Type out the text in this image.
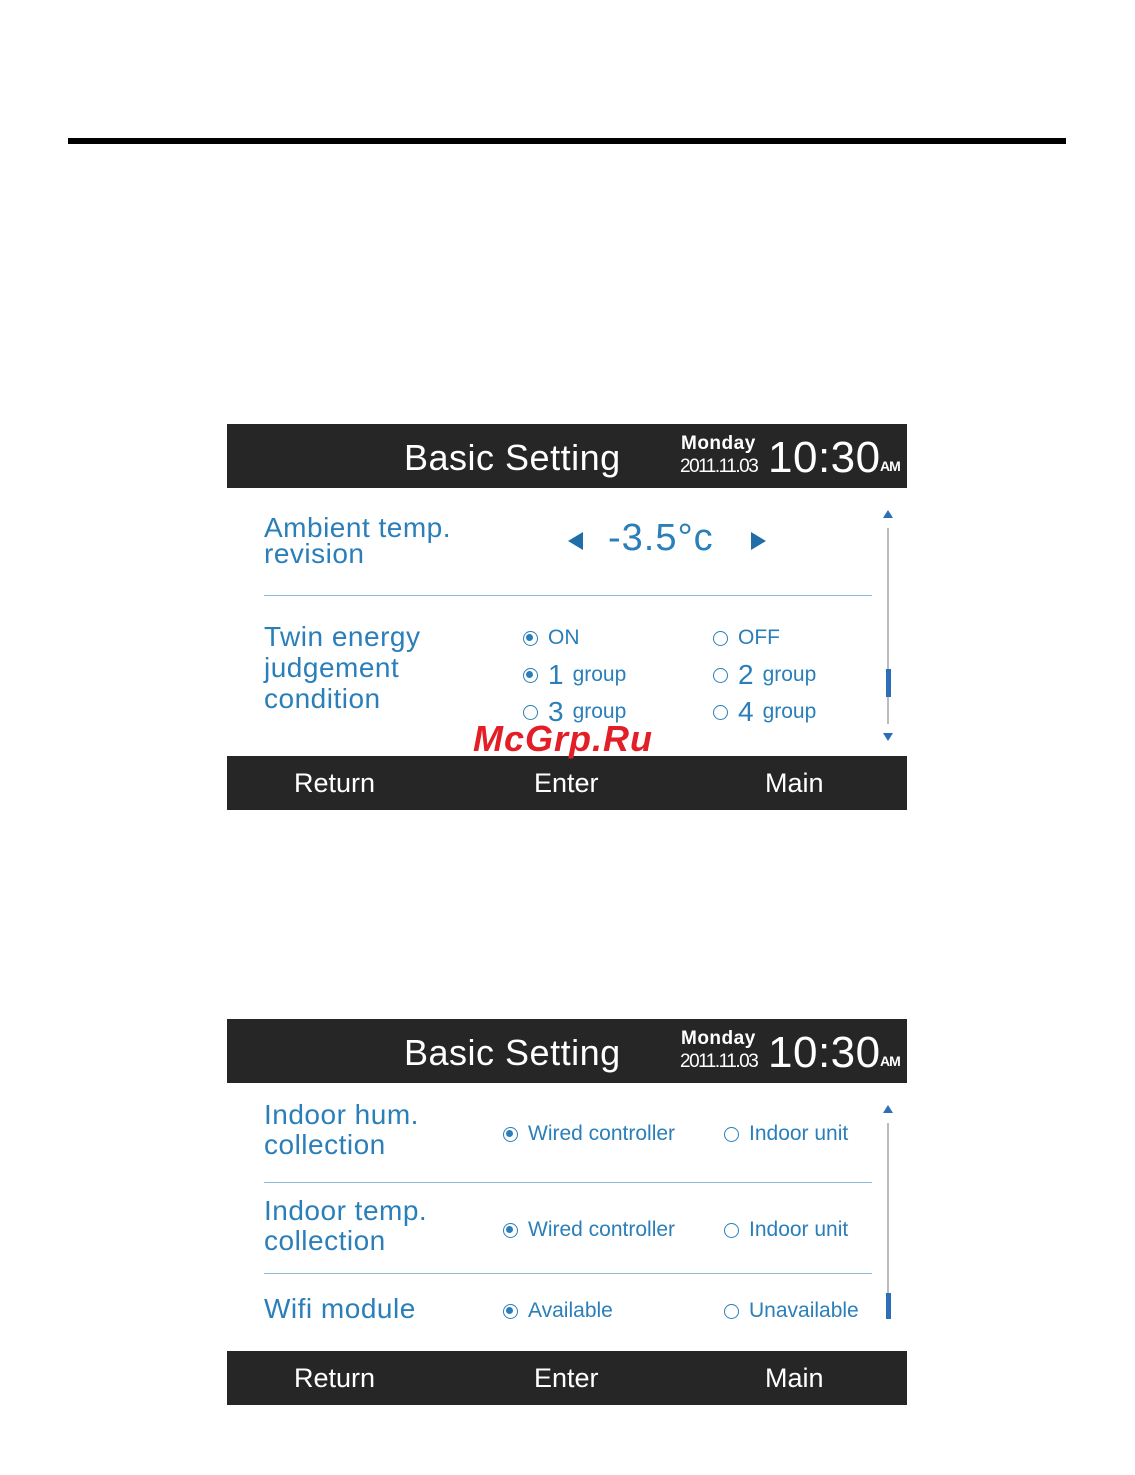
Basic Setting	Monday
2011.11.03 10:30 AM
Ambient temp.
revision	-3.5°c
Twin energy
judgement
condition
ON	OFF
1 group	2 group
3 group	4 group
Return	Enter	Main
Basic Setting	Monday
2011.11.03 10:30 AM
Indoor hum.
collection	Wired controller	Indoor unit
Indoor temp.
collection	Wired controller	Indoor unit
Wifi module	Available	Unavailable
Return	Enter	Main
McGrp.Ru
